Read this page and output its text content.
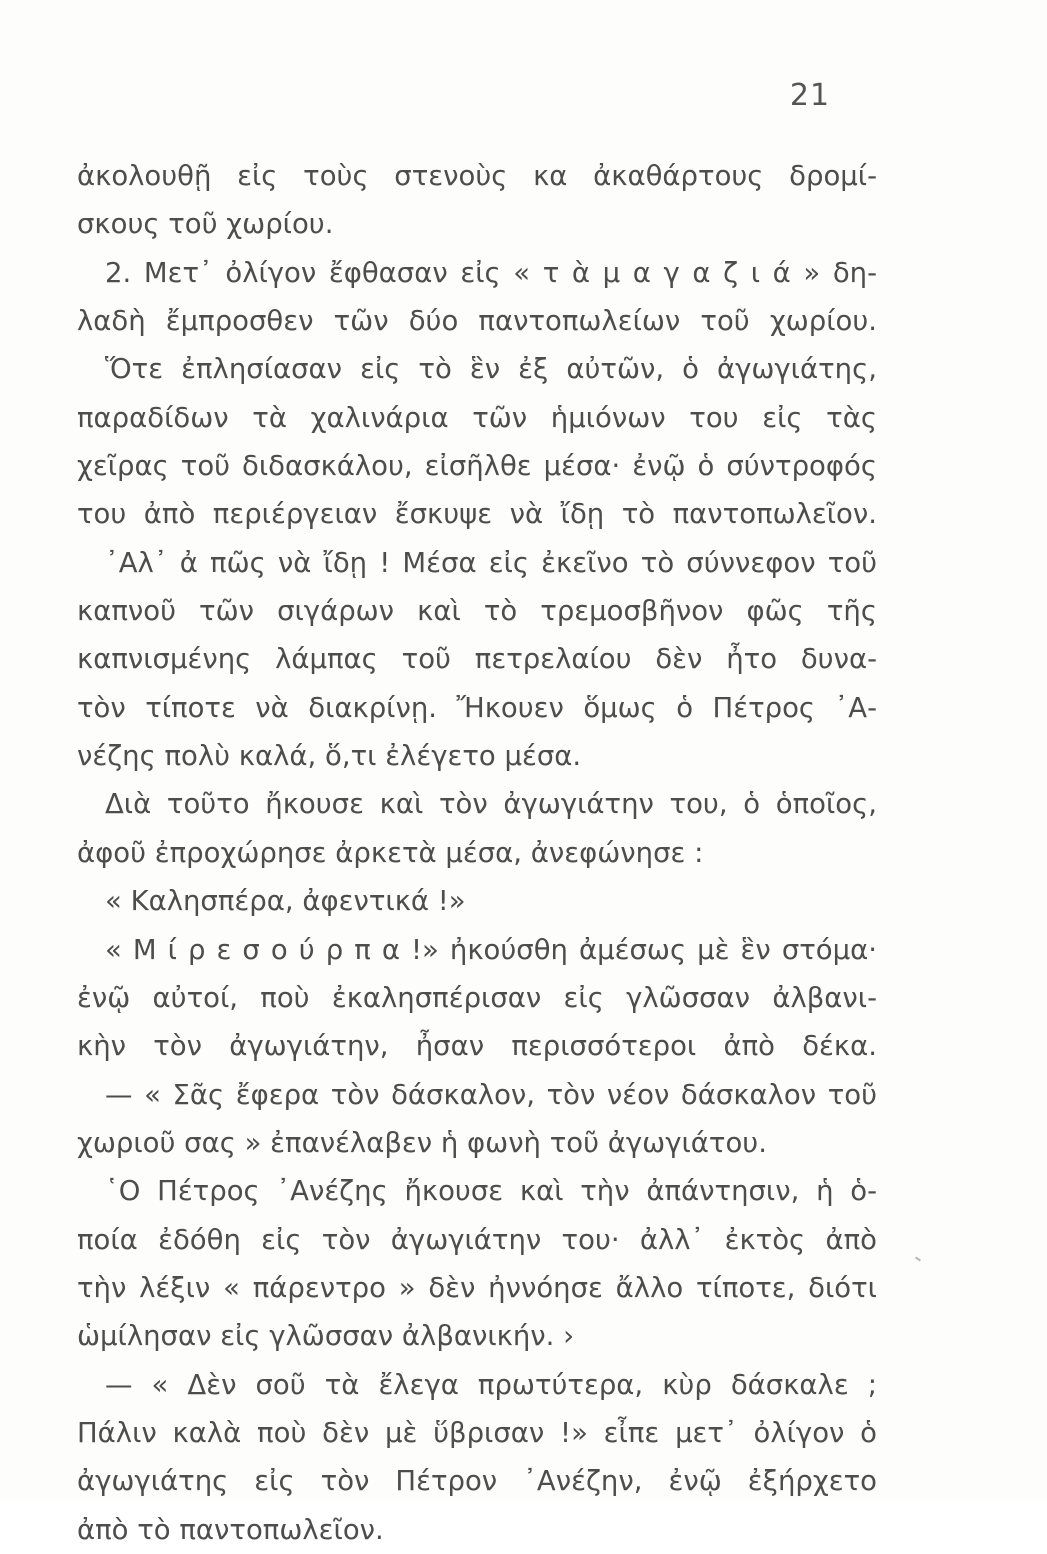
21
ἀκολουθῇ εἰς τοὺς στενοὺς κα ἀκαθάρτους δρομί-
σκους τοῦ χωρίου.
2. Μετ᾽ ὀλίγον ἔφθασαν εἰς « τ ὰ μ α γ α ζ ι ά » δη-
λαδὴ ἔμπροσθεν τῶν δύο παντοπωλείων τοῦ χωρίου.
Ὅτε ἐπλησίασαν εἰς τὸ ἓν ἐξ αὐτῶν, ὁ ἀγωγιάτης,
παραδίδων τὰ χαλινάρια τῶν ἡμιόνων του εἰς τὰς
χεῖρας τοῦ διδασκάλου, εἰσῆλθε μέσα· ἐνῷ ὁ σύντροφός
του ἀπὸ περιέργειαν ἔσκυψε νὰ ἴδῃ τὸ παντοπωλεῖον.
᾿Αλ᾿ ἀ πῶς νὰ ἴδῃ ! Μέσα εἰς ἐκεῖνο τὸ σύννεφον τοῦ
καπνοῦ τῶν σιγάρων καὶ τὸ τρεμοσβῆνον φῶς τῆς
καπνισμένης λάμπας τοῦ πετρελαίου δὲν ἦτο δυνα-
τὸν τίποτε νὰ διακρίνῃ. Ἤκουεν ὅμως ὁ Πέτρος ᾿Α-
νέζης πολὺ καλά, ὅ,τι ἐλέγετο μέσα.
Διὰ τοῦτο ἤκουσε καὶ τὸν ἀγωγιάτην του, ὁ ὁποῖος,
ἀφοῦ ἐπροχώρησε ἀρκετὰ μέσα, ἀνεφώνησε :
« Καλησπέρα, ἀφεντικά !»
« Μ ί ρ ε σ ο ύ ρ π α !» ἠκούσθη ἀμέσως μὲ ἓν στόμα·
ἐνῷ αὐτοί, ποὺ ἐκαλησπέρισαν εἰς γλῶσσαν ἀλβανι-
κὴν τὸν ἀγωγιάτην, ἦσαν περισσότεροι ἀπὸ δέκα.
— « Σᾶς ἔφερα τὸν δάσκαλον, τὸν νέον δάσκαλον τοῦ
χωριοῦ σας » ἐπανέλαβεν ἡ φωνὴ τοῦ ἀγωγιάτου.
῾Ο Πέτρος ᾿Ανέζης ἤκουσε καὶ τὴν ἀπάντησιν, ἡ ὁ-
ποία ἐδόθη εἰς τὸν ἀγωγιάτην του· ἀλλ᾿ ἐκτὸς ἀπὸ
τὴν λέξιν « πάρεντρο » δὲν ἠννόησε ἄλλο τίποτε, διότι
ὡμίλησαν εἰς γλῶσσαν ἀλβανικήν. ›
— « Δὲν σοῦ τὰ ἔλεγα πρωτύτερα, κὺρ δάσκαλε ;
Πάλιν καλὰ ποὺ δὲν μὲ ὕβρισαν !» εἶπε μετ᾿ ὀλίγον ὁ
ἀγωγιάτης εἰς τὸν Πέτρον ᾿Ανέζην, ἐνῷ ἐξήρχετο
ἀπὸ τὸ παντοπωλεῖον.
